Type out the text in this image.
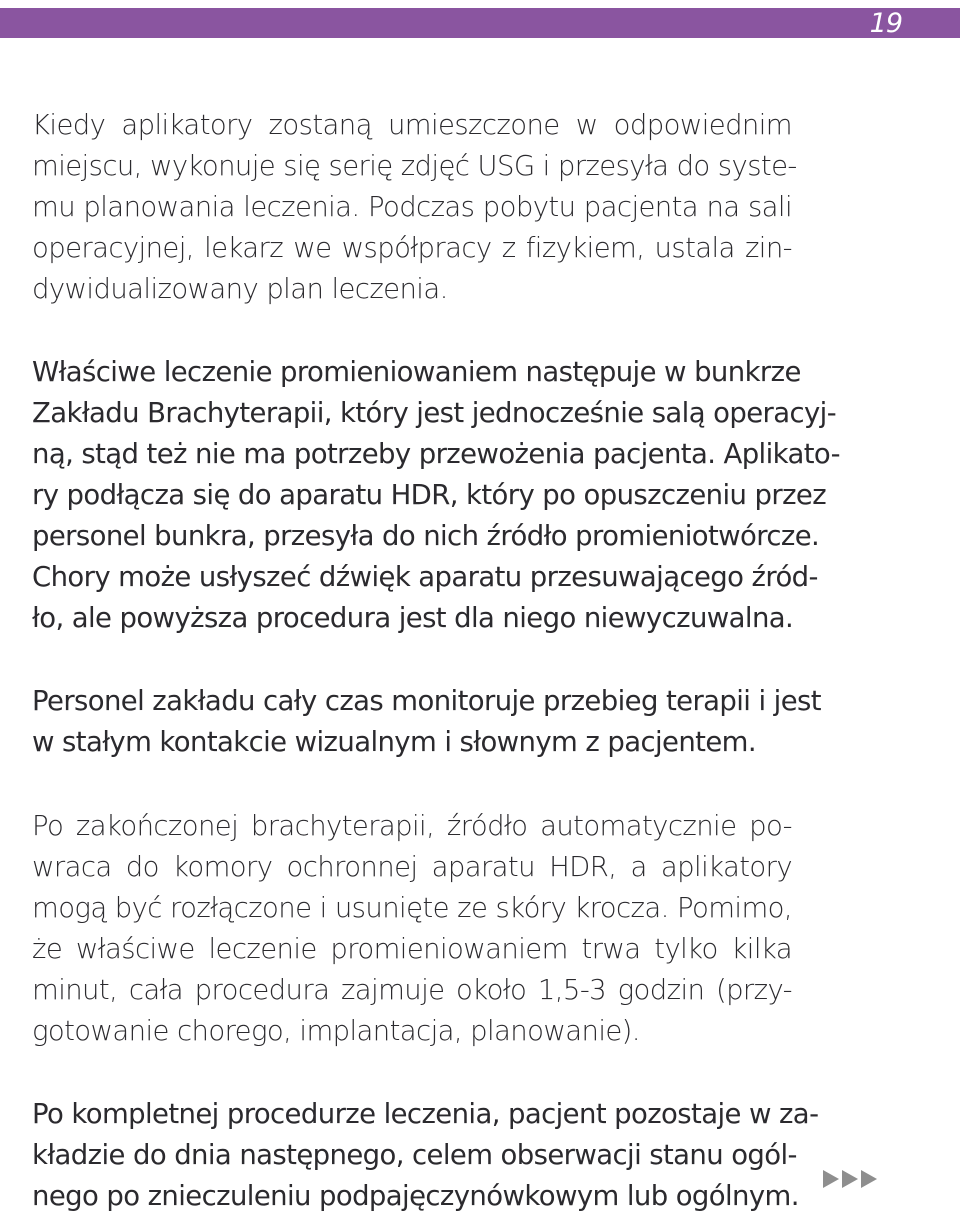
19

Kiedy aplikatory zostaną umieszczone w odpowiednim
miejscu, wykonuje się serię zdjęć USG i przesyła do syste-
mu planowania leczenia. Podczas pobytu pacjenta na sali
operacyjnej, lekarz we współpracy z fizykiem, ustala zin-
dywidualizowany plan leczenia.

Właściwe leczenie promieniowaniem następuje w bunkrze
Zakładu Brachyterapii, który jest jednocześnie salą operacyj-
ną, stąd też nie ma potrzeby przewożenia pacjenta. Aplikato-
ry podłącza się do aparatu HDR, który po opuszczeniu przez
personel bunkra, przesyła do nich źródło promieniotwórcze.
Chory może usłyszeć dźwięk aparatu przesuwającego źród-
ło, ale powyższa procedura jest dla niego niewyczuwalna.

Personel zakładu cały czas monitoruje przebieg terapii i jest
w stałym kontakcie wizualnym i słownym z pacjentem.

Po zakończonej brachyterapii, źródło automatycznie po-
wraca do komory ochronnej aparatu HDR, a aplikatory
mogą być rozłączone i usunięte ze skóry krocza. Pomimo,
że właściwe leczenie promieniowaniem trwa tylko kilka
minut, cała procedura zajmuje około 1,5-3 godzin (przy-
gotowanie chorego, implantacja, planowanie).

Po kompletnej procedurze leczenia, pacjent pozostaje w za-
kładzie do dnia następnego, celem obserwacji stanu ogól-
nego po znieczuleniu podpajęczynówkowym lub ogólnym.
